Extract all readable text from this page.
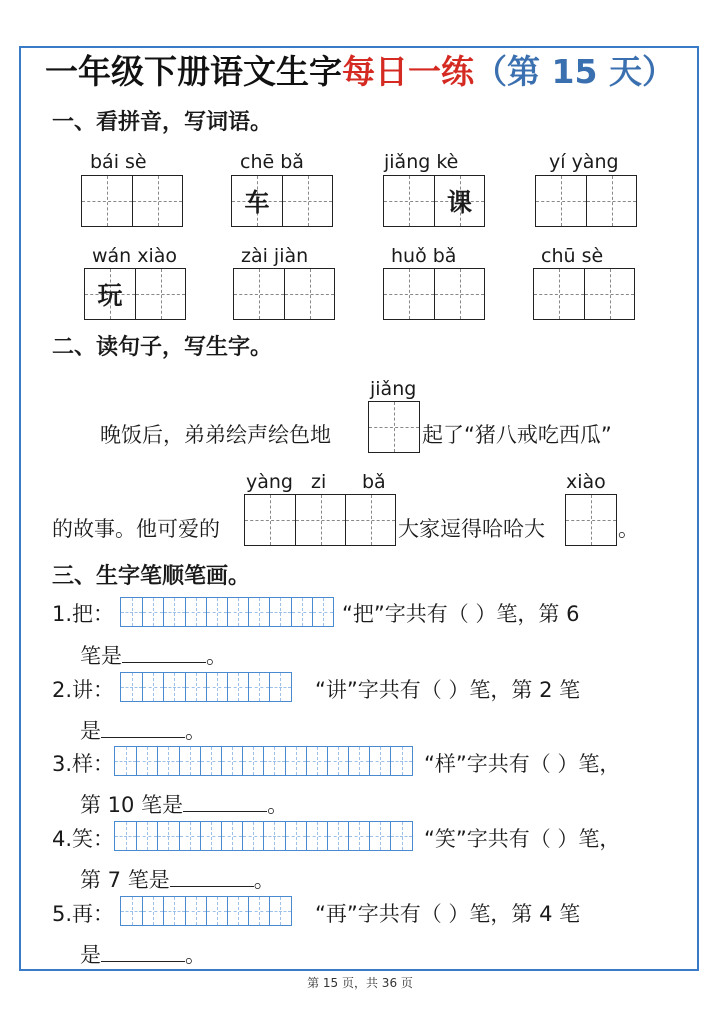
一年级下册语文生字每日一练（第 15 天）
一、看拼音，写词语。
bái sè	chē bǎ
车
jiǎng kè
课
yí yàng
wán xiào
玩
zài jiàn	huǒ bǎ	chū sè
二、读句子，写生字。
jiǎng
晚饭后，弟弟绘声绘色地	起了“猪八戒吃西瓜”
yàng zi bǎ	xiào
的故事。他可爱的	大家逗得哈哈大	。
三、生字笔顺笔画。
1.把：	“把”字共有（ ）笔，第 6
笔是	。
2.讲：	“讲”字共有（ ）笔，第 2 笔
是	。
3.样：	“样”字共有（ ）笔，
第 10 笔是	。
4.笑：	“笑”字共有（ ）笔，
第 7 笔是	。
5.再：	“再”字共有（ ）笔，第 4 笔
是	。
第 15 页，共 36 页
